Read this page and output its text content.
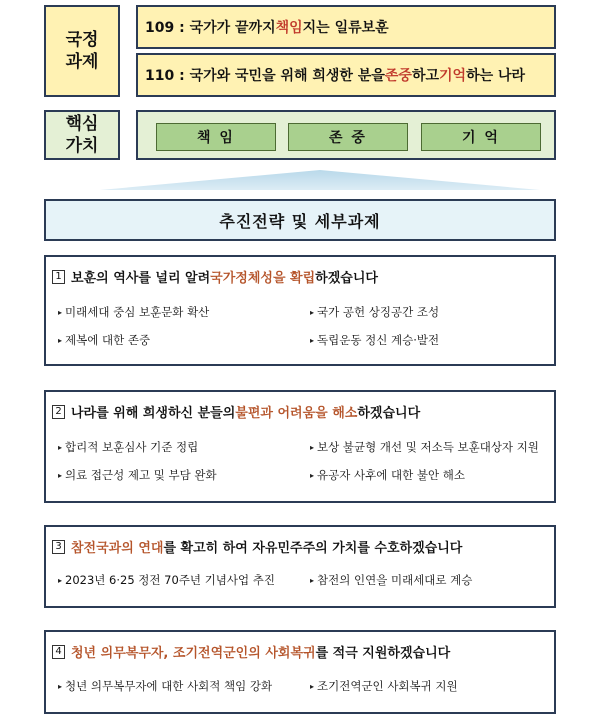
국정
과제
109 : 국가가 끝까지 책임 지는 일류보훈
110 : 국가와 국민을 위해 희생한 분을 존중 하고 기억 하는 나라
핵심
가치	책 임	존 중	기 억
추진전략 및 세부과제
1 보훈의 역사를 널리 알려 국가정체성을 확립 하겠습니다
▸ 미래세대 중심 보훈문화 확산	▸ 국가 공헌 상징공간 조성
▸ 제복에 대한 존중	▸ 독립운동 정신 계승·발전
2 나라를 위해 희생하신 분들의 불편과 어려움을 해소 하겠습니다
▸ 합리적 보훈심사 기준 정립	▸ 보상 불균형 개선 및 저소득 보훈대상자 지원
▸ 의료 접근성 제고 및 부담 완화	▸ 유공자 사후에 대한 불안 해소
3 참전국과의 연대 를 확고히 하여 자유민주주의 가치를 수호하겠습니다
▸ 2023년 6·25 정전 70주년 기념사업 추진	▸ 참전의 인연을 미래세대로 계승
4 청년 의무복무자, 조기전역군인의 사회복귀 를 적극 지원하겠습니다
▸ 청년 의무복무자에 대한 사회적 책임 강화	▸ 조기전역군인 사회복귀 지원
